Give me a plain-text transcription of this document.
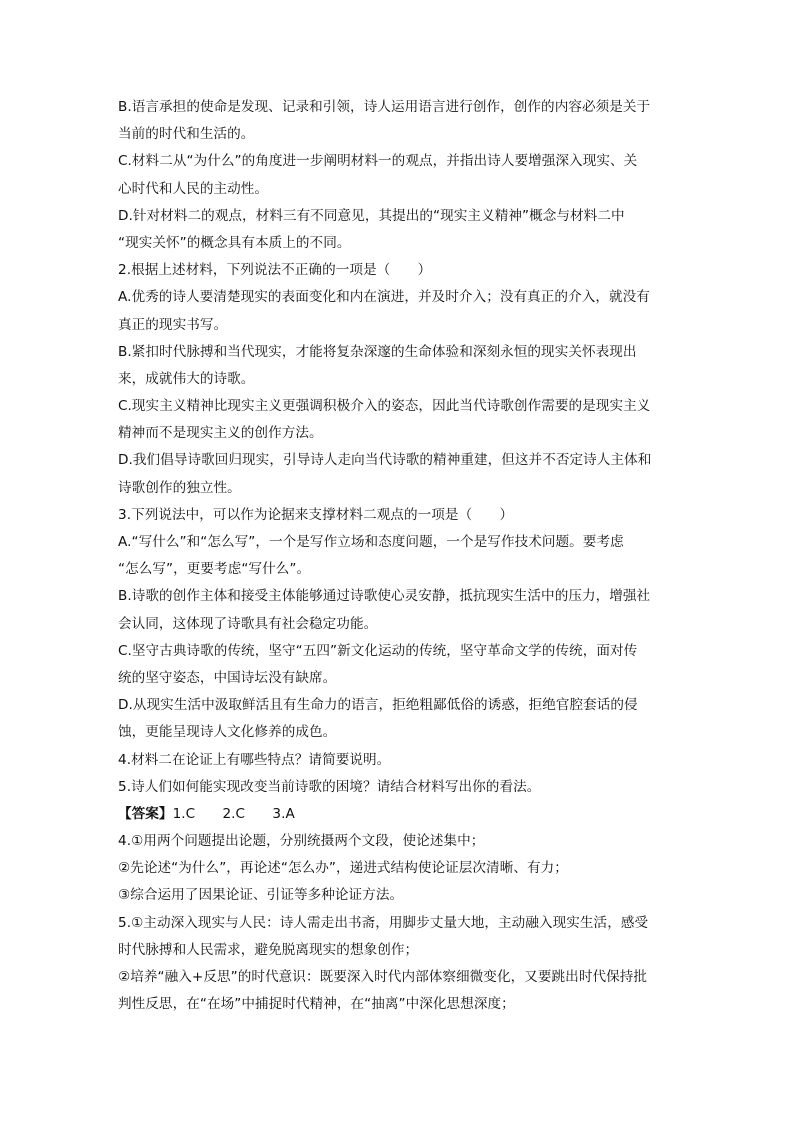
B.语言承担的使命是发现、记录和引领，诗人运用语言进行创作，创作的内容必须是关于
当前的时代和生活的。
C.材料二从“为什么”的角度进一步阐明材料一的观点，并指出诗人要增强深入现实、关
心时代和人民的主动性。
D.针对材料二的观点，材料三有不同意见，其提出的“现实主义精神”概念与材料二中
“现实关怀”的概念具有本质上的不同。
2.根据上述材料，下列说法不正确的一项是（　　）
A.优秀的诗人要清楚现实的表面变化和内在演进，并及时介入；没有真正的介入，就没有
真正的现实书写。
B.紧扣时代脉搏和当代现实，才能将复杂深邃的生命体验和深刻永恒的现实关怀表现出
来，成就伟大的诗歌。
C.现实主义精神比现实主义更强调积极介入的姿态，因此当代诗歌创作需要的是现实主义
精神而不是现实主义的创作方法。
D.我们倡导诗歌回归现实，引导诗人走向当代诗歌的精神重建，但这并不否定诗人主体和
诗歌创作的独立性。
3.下列说法中，可以作为论据来支撑材料二观点的一项是（　　）
A.“写什么”和“怎么写”，一个是写作立场和态度问题，一个是写作技术问题。要考虑
“怎么写”，更要考虑“写什么”。
B.诗歌的创作主体和接受主体能够通过诗歌使心灵安静，抵抗现实生活中的压力，增强社
会认同，这体现了诗歌具有社会稳定功能。
C.坚守古典诗歌的传统，坚守“五四”新文化运动的传统，坚守革命文学的传统，面对传
统的坚守姿态，中国诗坛没有缺席。
D.从现实生活中汲取鲜活且有生命力的语言，拒绝粗鄙低俗的诱惑，拒绝官腔套话的侵
蚀，更能呈现诗人文化修养的成色。
4.材料二在论证上有哪些特点？请简要说明。
5.诗人们如何能实现改变当前诗歌的困境？请结合材料写出你的看法。
【答案】1.C　　2.C　　3.A
4.①用两个问题提出论题，分别统摄两个文段，使论述集中；
②先论述“为什么”，再论述“怎么办”，递进式结构使论证层次清晰、有力；
③综合运用了因果论证、引证等多种论证方法。
5.①主动深入现实与人民：诗人需走出书斋，用脚步丈量大地，主动融入现实生活，感受
时代脉搏和人民需求，避免脱离现实的想象创作；
②培养“融入+反思”的时代意识：既要深入时代内部体察细微变化，又要跳出时代保持批
判性反思，在“在场”中捕捉时代精神，在“抽离”中深化思想深度；
